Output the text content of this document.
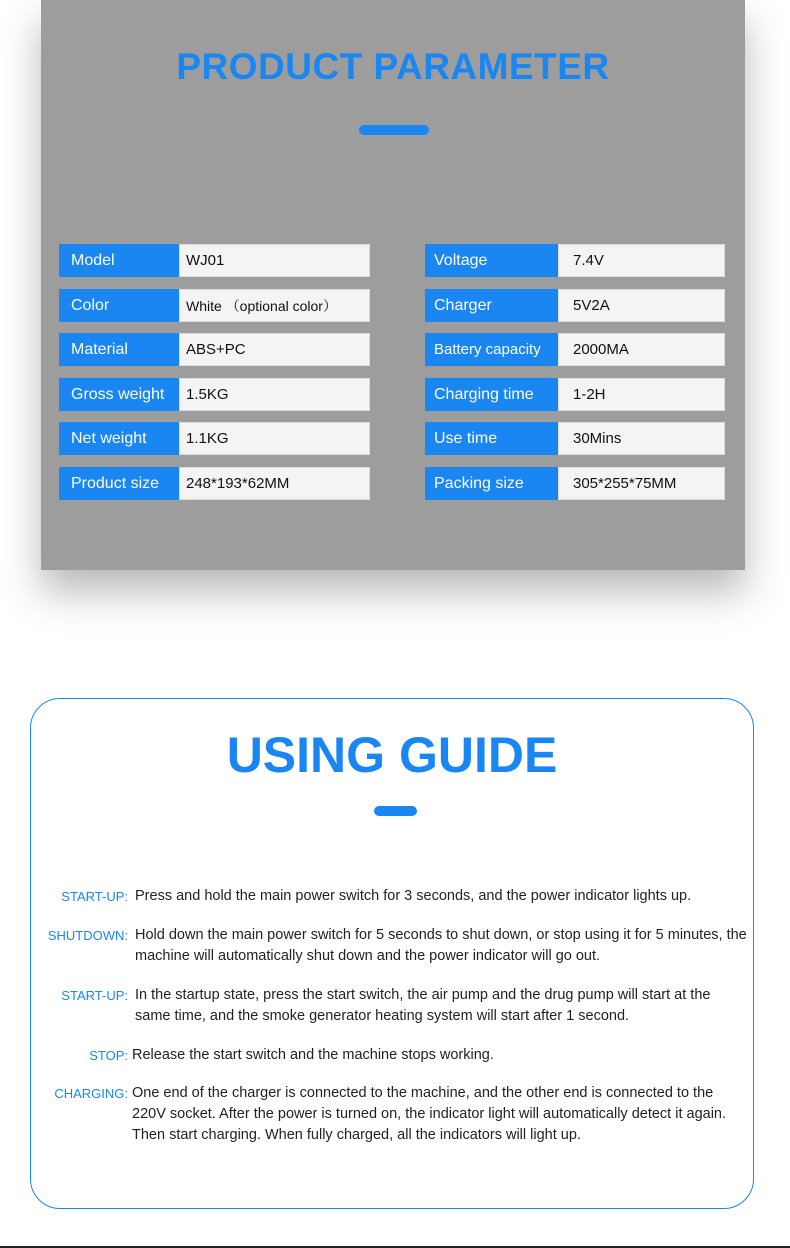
PRODUCT PARAMETER
Model	WJ01
Color	White （optional color）
Material	ABS+PC
Gross weight	1.5KG
Net weight	1.1KG
Product size	248*193*62MM
Voltage	7.4V
Charger	5V2A
Battery capacity	2000MA
Charging time	1-2H
Use time	30Mins
Packing size	305*255*75MM
USING GUIDE
START-UP: Press and hold the main power switch for 3 seconds, and the power indicator lights up.
SHUTDOWN: Hold down the main power switch for 5 seconds to shut down, or stop using it for 5 minutes, the machine will automatically shut down and the power indicator will go out.
START-UP: In the startup state, press the start switch, the air pump and the drug pump will start at the same time, and the smoke generator heating system will start after 1 second.
STOP: Release the start switch and the machine stops working.
CHARGING: One end of the charger is connected to the machine, and the other end is connected to the 220V socket. After the power is turned on, the indicator light will automatically detect it again. Then start charging. When fully charged, all the indicators will light up.
